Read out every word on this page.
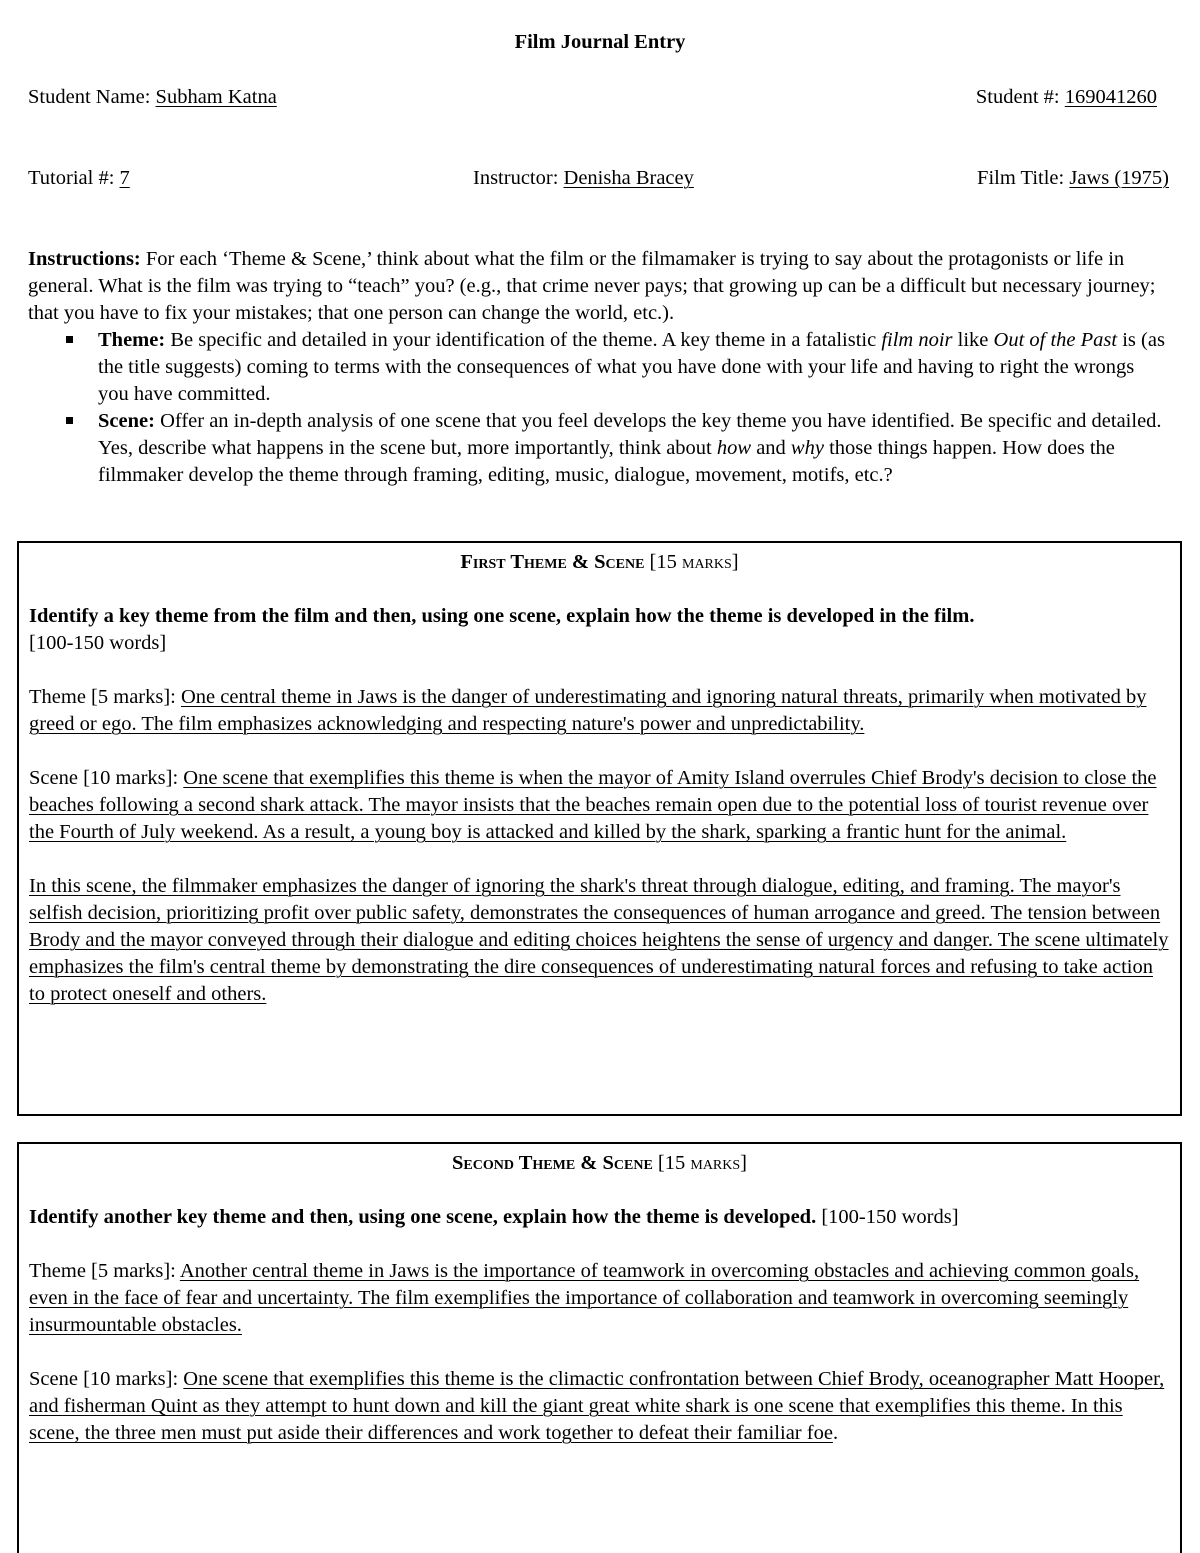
Film Journal Entry
Student Name: Subham Katna	Student #: 169041260
Tutorial #: 7	Instructor: Denisha Bracey	Film Title: Jaws (1975)
Instructions: For each ‘Theme & Scene,’ think about what the film or the filmamaker is trying to say about the protagonists or life in general. What is the film was trying to “teach” you? (e.g., that crime never pays; that growing up can be a difficult but necessary journey; that you have to fix your mistakes; that one person can change the world, etc.).
Theme: Be specific and detailed in your identification of the theme. A key theme in a fatalistic film noir like Out of the Past is (as the title suggests) coming to terms with the consequences of what you have done with your life and having to right the wrongs you have committed.
Scene: Offer an in-depth analysis of one scene that you feel develops the key theme you have identified. Be specific and detailed. Yes, describe what happens in the scene but, more importantly, think about how and why those things happen. How does the filmmaker develop the theme through framing, editing, music, dialogue, movement, motifs, etc.?
First Theme & Scene [15 marks]

Identify a key theme from the film and then, using one scene, explain how the theme is developed in the film.
[100-150 words]

Theme [5 marks]: One central theme in Jaws is the danger of underestimating and ignoring natural threats, primarily when motivated by greed or ego. The film emphasizes acknowledging and respecting nature's power and unpredictability.

Scene [10 marks]: One scene that exemplifies this theme is when the mayor of Amity Island overrules Chief Brody's decision to close the beaches following a second shark attack. The mayor insists that the beaches remain open due to the potential loss of tourist revenue over the Fourth of July weekend. As a result, a young boy is attacked and killed by the shark, sparking a frantic hunt for the animal.

In this scene, the filmmaker emphasizes the danger of ignoring the shark's threat through dialogue, editing, and framing. The mayor's selfish decision, prioritizing profit over public safety, demonstrates the consequences of human arrogance and greed. The tension between Brody and the mayor conveyed through their dialogue and editing choices heightens the sense of urgency and danger. The scene ultimately emphasizes the film's central theme by demonstrating the dire consequences of underestimating natural forces and refusing to take action to protect oneself and others.

Second Theme & Scene [15 marks]

Identify another key theme and then, using one scene, explain how the theme is developed. [100-150 words]

Theme [5 marks]: Another central theme in Jaws is the importance of teamwork in overcoming obstacles and achieving common goals, even in the face of fear and uncertainty. The film exemplifies the importance of collaboration and teamwork in overcoming seemingly insurmountable obstacles.

Scene [10 marks]: One scene that exemplifies this theme is the climactic confrontation between Chief Brody, oceanographer Matt Hooper, and fisherman Quint as they attempt to hunt down and kill the giant great white shark is one scene that exemplifies this theme. In this scene, the three men must put aside their differences and work together to defeat their familiar foe.
